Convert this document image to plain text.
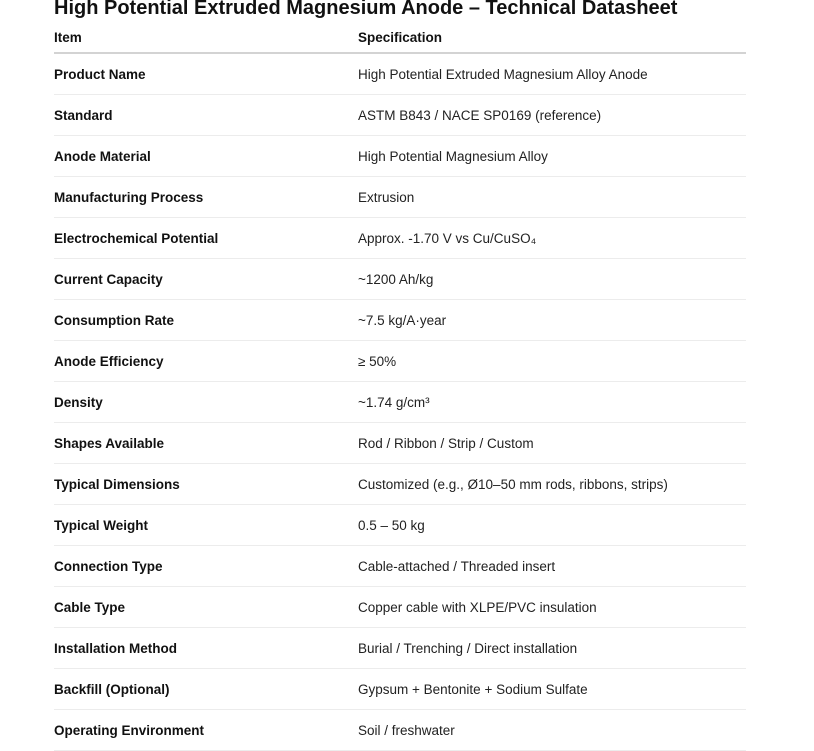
High Potential Extruded Magnesium Anode – Technical Datasheet
Item	Specification
Product Name	High Potential Extruded Magnesium Alloy Anode
Standard	ASTM B843 / NACE SP0169 (reference)
Anode Material	High Potential Magnesium Alloy
Manufacturing Process	Extrusion
Electrochemical Potential	Approx. -1.70 V vs Cu/CuSO₄
Current Capacity	~1200 Ah/kg
Consumption Rate	~7.5 kg/A·year
Anode Efficiency	≥ 50%
Density	~1.74 g/cm³
Shapes Available	Rod / Ribbon / Strip / Custom
Typical Dimensions	Customized (e.g., Ø10–50 mm rods, ribbons, strips)
Typical Weight	0.5 – 50 kg
Connection Type	Cable-attached / Threaded insert
Cable Type	Copper cable with XLPE/PVC insulation
Installation Method	Burial / Trenching / Direct installation
Backfill (Optional)	Gypsum + Bentonite + Sodium Sulfate
Operating Environment	Soil / freshwater
